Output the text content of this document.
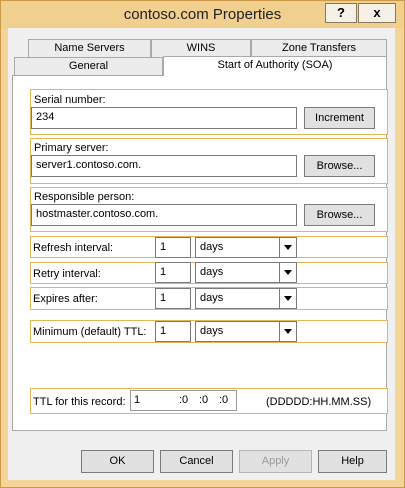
contoso.com Properties	?	x
Name Servers	WINS	Zone Transfers
General	Start of Authority (SOA)
Serial number:
234	Increment
Primary server:
server1.contoso.com.	Browse...
Responsible person:
hostmaster.contoso.com.	Browse...
Refresh interval:	1	days
Retry interval:	1	days
Expires after:	1	days
Minimum (default) TTL:	1	days
TTL for this record: 1	:0 :0 :0	(DDDDD:HH.MM.SS)
OK	Cancel	Apply	Help
